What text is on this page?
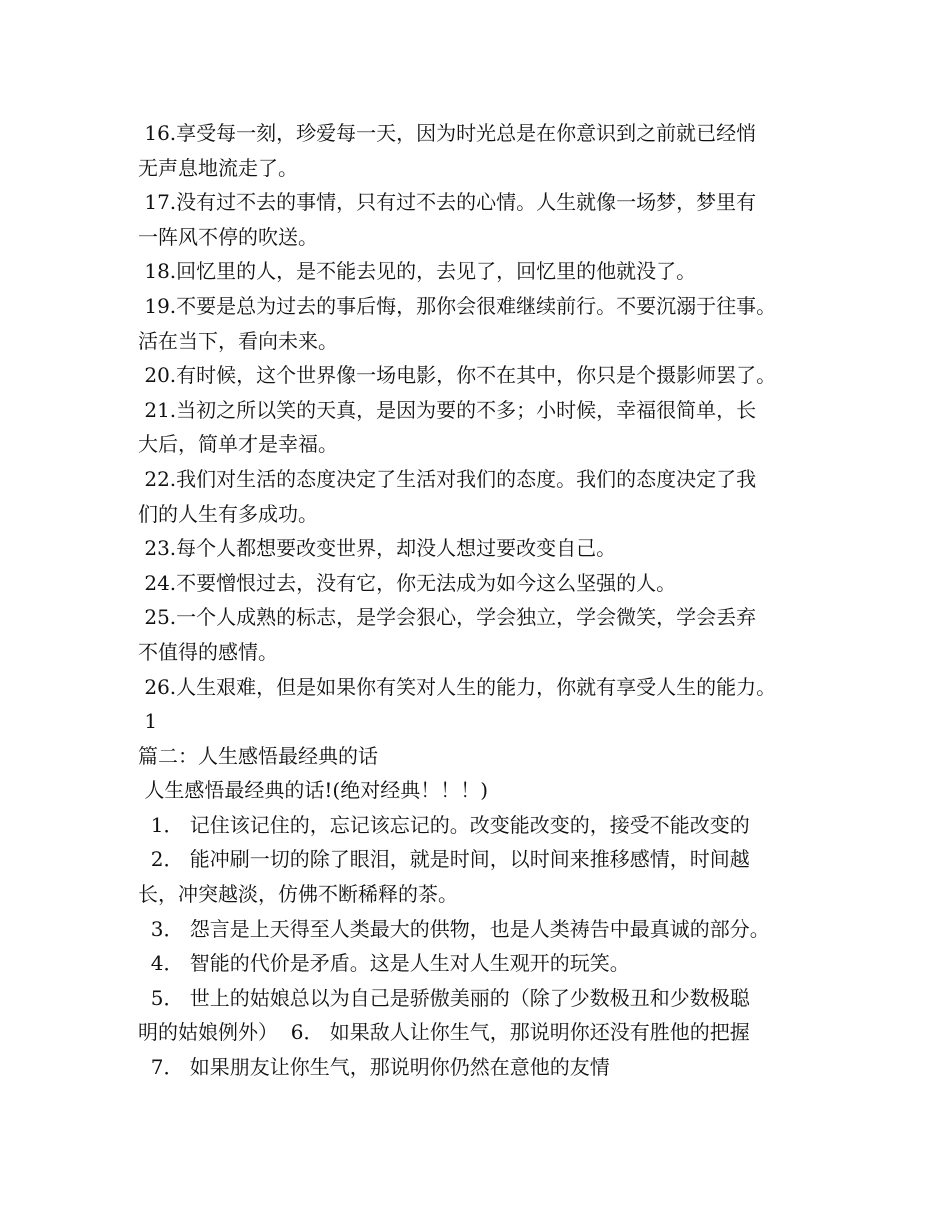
16.享受每一刻，珍爱每一天，因为时光总是在你意识到之前就已经悄
无声息地流走了。
17.没有过不去的事情，只有过不去的心情。人生就像一场梦，梦里有
一阵风不停的吹送。
18.回忆里的人，是不能去见的，去见了，回忆里的他就没了。
19.不要是总为过去的事后悔，那你会很难继续前行。不要沉溺于往事。
活在当下，看向未来。
20.有时候，这个世界像一场电影，你不在其中，你只是个摄影师罢了。
21.当初之所以笑的天真，是因为要的不多；小时候，幸福很简单，长
大后，简单才是幸福。
22.我们对生活的态度决定了生活对我们的态度。我们的态度决定了我
们的人生有多成功。
23.每个人都想要改变世界，却没人想过要改变自己。
24.不要憎恨过去，没有它，你无法成为如今这么坚强的人。
25.一个人成熟的标志，是学会狠心，学会独立，学会微笑，学会丢弃
不值得的感情。
26.人生艰难，但是如果你有笑对人生的能力，你就有享受人生的能力。
1
篇二：人生感悟最经典的话
人生感悟最经典的话!(绝对经典！！！)
1． 记住该记住的，忘记该忘记的。改变能改变的，接受不能改变的
2． 能冲刷一切的除了眼泪，就是时间，以时间来推移感情，时间越
长，冲突越淡，仿佛不断稀释的茶。
3． 怨言是上天得至人类最大的供物，也是人类祷告中最真诚的部分。
4． 智能的代价是矛盾。这是人生对人生观开的玩笑。
5． 世上的姑娘总以为自己是骄傲美丽的（除了少数极丑和少数极聪
明的姑娘例外）  6． 如果敌人让你生气，那说明你还没有胜他的把握
7． 如果朋友让你生气，那说明你仍然在意他的友情
